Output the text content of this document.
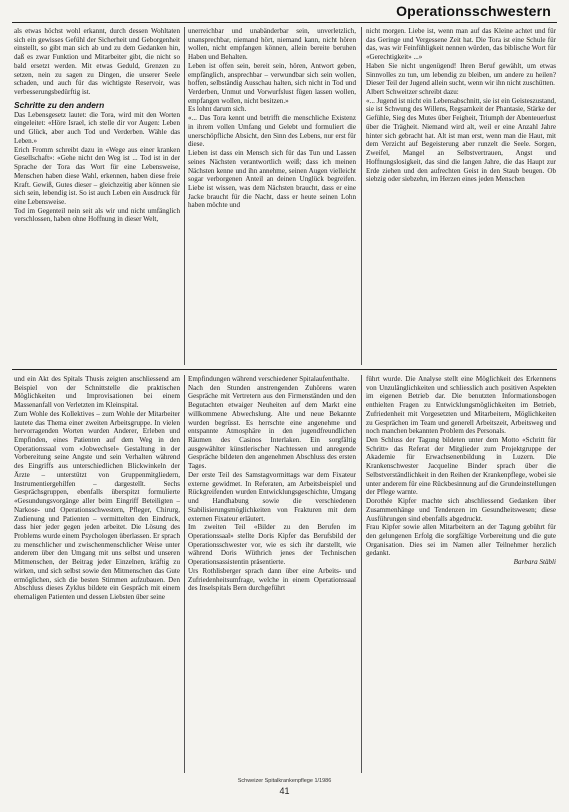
Operationsschwestern

als etwas höchst wohl erkannt, durch dessen Wohltaten sich ein gewisses Gefühl der Sicherheit und Geborgenheit einstellt, so gibt man sich ab und zu dem Gedanken hin, daß es zwar Funktion und Mitarbeiter gibt, die nicht so bald ersetzt werden. Mit etwas Geduld, Grenzen zu setzen, nein zu sagen zu Dingen, die unserer Seele schaden, und auch für das wichtigste Reservoir, was verbesserungsbedürftig ist.

Schritte zu den andern

Das Lebensgesetz lautet: die Tora, wird mit den Worten eingeleitet: «Höre Israel, ich stelle dir vor Augen: Leben und Glück, aber auch Tod und Verderben. Wähle das Leben.»

Erich Fromm schreibt dazu in «Wege aus einer kranken Gesellschaft»: «Gehe nicht den Weg ist ... Tod ist in der Sprache der Tora das Wort für eine Lebensweise, Menschen haben diese Wahl, erkennen, haben diese freie Kraft. Gewiß, Gutes dieser – gleichzeitig aber können sie sich sein, lebendig ist. So ist auch Leben ein Ausdruck für eine Lebensweise.

Tod im Gegenteil nein seit als wir und nicht umfänglich verschlossen, haben ohne Hoffnung in dieser Welt,

unerreichbar und unabänderbar sein, unverletzlich, unansprechbar, niemand hört, niemand kann, nicht hören wollen, nicht empfangen können, allein bereite beruhen Haben und Behalten.

Leben ist offen sein, bereit sein, hören, Antwort geben, empfänglich, ansprechbar – verwundbar sich sein wollen, hoffen, selbständig Ausschau halten, sich nicht in Tod und Verderben, Unmut und Vorwurfslust fügen lassen wollen, empfangen wollen, nicht besitzen.»

Es lohnt darum sich.

«... Das Tora kennt und betrifft die menschliche Existenz in ihrem vollen Umfang und Gelebt und formuliert die unerschöpfliche Absicht, den Sinn des Lebens, nur erst für diese.

Lieben ist dass ein Mensch sich für das Tun und Lassen seines Nächsten verantwortlich weiß; dass ich meinen Nächsten kenne und ihn annehme, seinen Augen vielleicht sogar verborgenen Anteil an deinen Unglück begreifen. Liebe ist wissen, was dem Nächsten braucht, dass er eine Jacke braucht für die Nacht, dass er heute seinen Lohn haben möchte und

nicht morgen. Liebe ist, wenn man auf das Kleine achtet und für das Geringe und Vergessene Zeit hat. Die Tora ist eine Schule für das, was wir Feinfühligkeit nennen würden, das biblische Wort für «Gerechtigkeit» ...»

Haben Sie nicht ungenügend! Ihren Beruf gewählt, um etwas Sinnvolles zu tun, um lebendig zu bleiben, um andere zu heilen? Dieser Teil der Jugend allein sucht, wenn wir ihn nicht zuschütten.

Albert Schweitzer schreibt dazu:

«... Jugend ist nicht ein Lebensabschnitt, sie ist ein Geisteszustand, sie ist Schwung des Willens, Regsamkeit der Phantasie, Stärke der Gefühle, Sieg des Mutes über Feigheit, Triumph der Abenteuerlust über die Trägheit. Niemand wird alt, weil er eine Anzahl Jahre hinter sich gebracht hat. Alt ist man erst, wenn man die Haut, mit dem Verzicht auf Begeisterung aber runzelt die Seele. Sorgen, Zweifel, Mangel an Selbstvertrauen, Angst und Hoffnungslosigkeit, das sind die langen Jahre, die das Haupt zur Erde ziehen und den aufrechten Geist in den Staub beugen. Ob siebzig oder siebzehn, im Herzen eines jeden Menschen

und ein Akt des Spitals Thusis zeigten anschliessend am Beispiel von der Schnittstelle die praktischen Möglichkeiten und Improvisationen bei einem Massenanfall von Verletzten im Kleinspital.

Zum Wohle des Kollektives – zum Wohle der Mitarbeiter lautete das Thema einer zweiten Arbeitsgruppe. In vielen hervorragenden Worten wurden Anderer, Erleben und Empfinden, eines Patienten auf dem Weg in den Operationssaal vom «Jobwechsel» Gestaltung in der Vorbereitung seine Angste und sein Verhalten während des Eingriffs aus unterschiedlichen Blickwinkeln der Ärzte – unterstützt von Gruppenmitgliedern, Instrumentiergehilfen – dargestellt. Sechs Gesprächsgruppen, ebenfalls überspitzt formulierte «Gesundungsvorgänge aller beim Eingriff Beteiligten – Narkose- und Operationsschwestern, Pfleger, Chirurg, Zudienung und Patienten – vermittelten den Eindruck, dass hier jeder gegen jeden arbeitet. Die Lösung des Problems wurde einem Psychologen überlassen. Er sprach zu menschlicher und zwischenmenschlicher Weise unter anderem über den Umgang mit uns selbst und unseren Mitmenschen, der Beitrag jeder Einzelnen, kräftig zu wirken, und sich selbst sowie den Mitmenschen das Gute ermöglichen, sich die besten Stimmen aufzubauen. Den Abschluss dieses Zyklus bildete ein Gespräch mit einem ehemaligen Patienten und dessen Liebsten über seine

Empfindungen während verschiedener Spitalaufenthalte.

Nach den Stunden anstrengenden Zuhörens waren Gespräche mit Vertretern aus den Firmenständen und den Begutachten etwaiger Neuheiten auf dem Markt eine willkommene Abwechslung. Alte und neue Bekannte wurden begrüsst. Es herrschte eine angenehme und entspannte Atmosphäre in den jugendfreundlichen Räumen des Casinos Interlaken. Ein sorgfältig ausgewählter künstlerischer Nachtessen und anregende Gespräche bildeten den angenehmen Abschluss des ersten Tages.

Der erste Teil des Samstagvormittags war dem Fixateur externe gewidmet. In Referaten, am Arbeitsbeispiel und Rückgreifenden wurden Entwicklungsgeschichte, Umgang und Handhabung sowie die verschiedenen Stabilisierungsmöglichkeiten von Frakturen mit dem externen Fixateur erläutert.

Im zweiten Teil «Bilder zu den Berufen im Operationssaal» stellte Doris Kipfer das Berufsbild der Operationsschwester vor, wie es sich ihr darstellt, wie während Doris Wüthrich jenes der Technischen Operationsassistentin präsentierte.

Urs Rothlisberger sprach dann über eine Arbeits- und Zufriedenheitsumfrage, welche in einem Operationssaal des Inselspitals Bern durchgeführt

führt wurde. Die Analyse stellt eine Möglichkeit des Erkennens von Unzulänglichkeiten und schliesslich auch positiven Aspekten im eigenen Betrieb dar. Die benutzten Informationsbogen enthielten Fragen zu Entwicklungsmöglichkeiten im Betrieb, Zufriedenheit mit Vorgesetzten und Mitarbeitern, Möglichkeiten zu Gesprächen im Team und generell Arbeitszeit, Arbeitsweg und noch manchen bekannten Problem des Personals.

Den Schluss der Tagung bildeten unter dem Motto «Schritt für Schritt» das Referat der Mitglieder zum Projektgruppe der Akademie für Erwachsenenbildung in Luzern. Die Krankenschwester Jacqueline Binder sprach über die Selbstverständlichkeit in den Reihen der Krankenpflege, wobei sie unter anderem für eine Rückbesinnung auf die Grundeinstellungen der Pflege warnte.

Dorothée Kipfer machte sich abschliessend Gedanken über Zusammenhänge und Tendenzen im Gesundheitswesen; diese Ausführungen sind ebenfalls abgedruckt.

Frau Kipfer sowie allen Mitarbeitern an der Tagung gebührt für den gelungenen Erfolg die sorgfältige Vorbereitung und die gute Organisation. Dies sei im Namen aller Teilnehmer herzlich gedankt.

Barbara Stäbli

Schweizer Spitalkrankenpflege 1/1986
41
